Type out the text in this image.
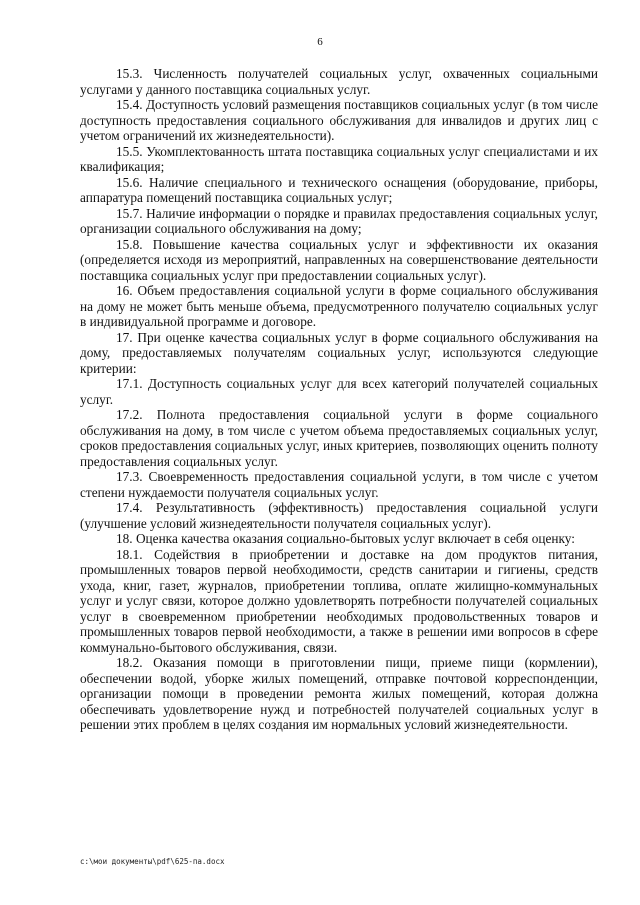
6

15.3. Численность получателей социальных услуг, охваченных социальными услугами у данного поставщика социальных услуг.

15.4. Доступность условий размещения поставщиков социальных услуг (в том числе доступность предоставления социального обслуживания для инвалидов и других лиц с учетом ограничений их жизнедеятельности).

15.5. Укомплектованность штата поставщика социальных услуг специалистами и их квалификация;

15.6. Наличие специального и технического оснащения (оборудование, приборы, аппаратура помещений поставщика социальных услуг;

15.7. Наличие информации о порядке и правилах предоставления социальных услуг, организации социального обслуживания на дому;

15.8. Повышение качества социальных услуг и эффективности их оказания (определяется исходя из мероприятий, направленных на совершенствование деятельности поставщика социальных услуг при предоставлении социальных услуг).

16. Объем предоставления социальной услуги в форме социального обслуживания на дому не может быть меньше объема, предусмотренного получателю социальных услуг в индивидуальной программе и договоре.

17. При оценке качества социальных услуг в форме социального обслуживания на дому, предоставляемых получателям социальных услуг, используются следующие критерии:

17.1. Доступность социальных услуг для всех категорий получателей социальных услуг.

17.2. Полнота предоставления социальной услуги в форме социального обслуживания на дому, в том числе с учетом объема предоставляемых социальных услуг, сроков предоставления социальных услуг, иных критериев, позволяющих оценить полноту предоставления социальных услуг.

17.3. Своевременность предоставления социальной услуги, в том числе с учетом степени нуждаемости получателя социальных услуг.

17.4. Результативность (эффективность) предоставления социальной услуги (улучшение условий жизнедеятельности получателя социальных услуг).

18. Оценка качества оказания социально-бытовых услуг включает в себя оценку:

18.1. Содействия в приобретении и доставке на дом продуктов питания, промышленных товаров первой необходимости, средств санитарии и гигиены, средств ухода, книг, газет, журналов, приобретении топлива, оплате жилищно-коммунальных услуг и услуг связи, которое должно удовлетворять потребности получателей социальных услуг в своевременном приобретении необходимых продовольственных товаров и промышленных товаров первой необходимости, а также в решении ими вопросов в сфере коммунально-бытового обслуживания, связи.

18.2. Оказания помощи в приготовлении пищи, приеме пищи (кормлении), обеспечении водой, уборке жилых помещений, отправке почтовой корреспонденции, организации помощи в проведении ремонта жилых помещений, которая должна обеспечивать удовлетворение нужд и потребностей получателей социальных услуг в решении этих проблем в целях создания им нормальных условий жизнедеятельности.

c:\мои документы\pdf\625-па.docx
